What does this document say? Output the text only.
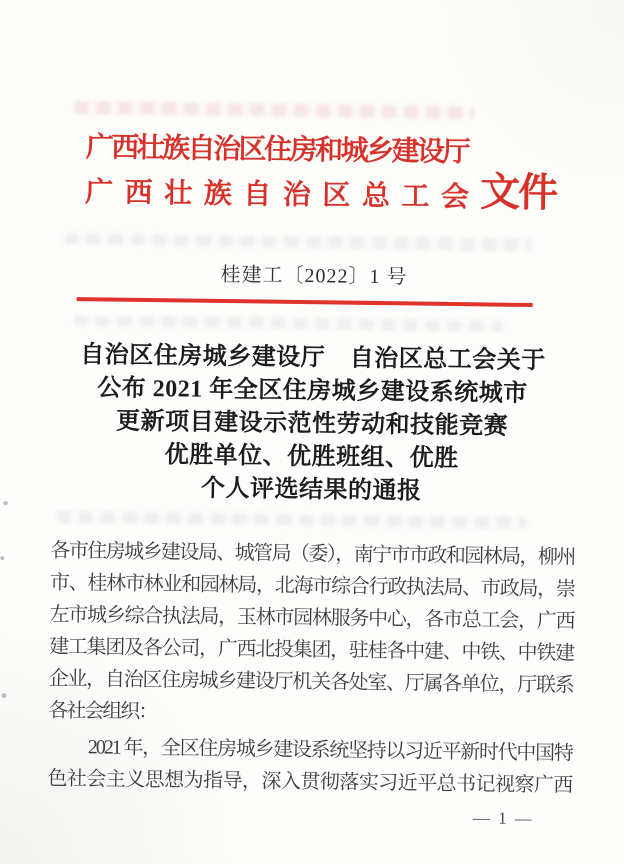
广西壮族自治区住房和城乡建设厅
广西壮族自治区总工会 文件
桂建工〔2022〕1 号
自治区住房城乡建设厅　自治区总工会关于
公布 2021 年全区住房城乡建设系统城市
更新项目建设示范性劳动和技能竞赛
优胜单位、优胜班组、优胜
个人评选结果的通报
各市住房城乡建设局、城管局（委），南宁市市政和园林局，柳州
市、桂林市林业和园林局，北海市综合行政执法局、市政局，崇
左市城乡综合执法局，玉林市园林服务中心，各市总工会，广西
建工集团及各公司，广西北投集团，驻桂各中建、中铁、中铁建
企业，自治区住房城乡建设厅机关各处室、厅属各单位，厅联系
各社会组织：
2021 年，全区住房城乡建设系统坚持以习近平新时代中国特
色社会主义思想为指导，深入贯彻落实习近平总书记视察广西
— 1 —
